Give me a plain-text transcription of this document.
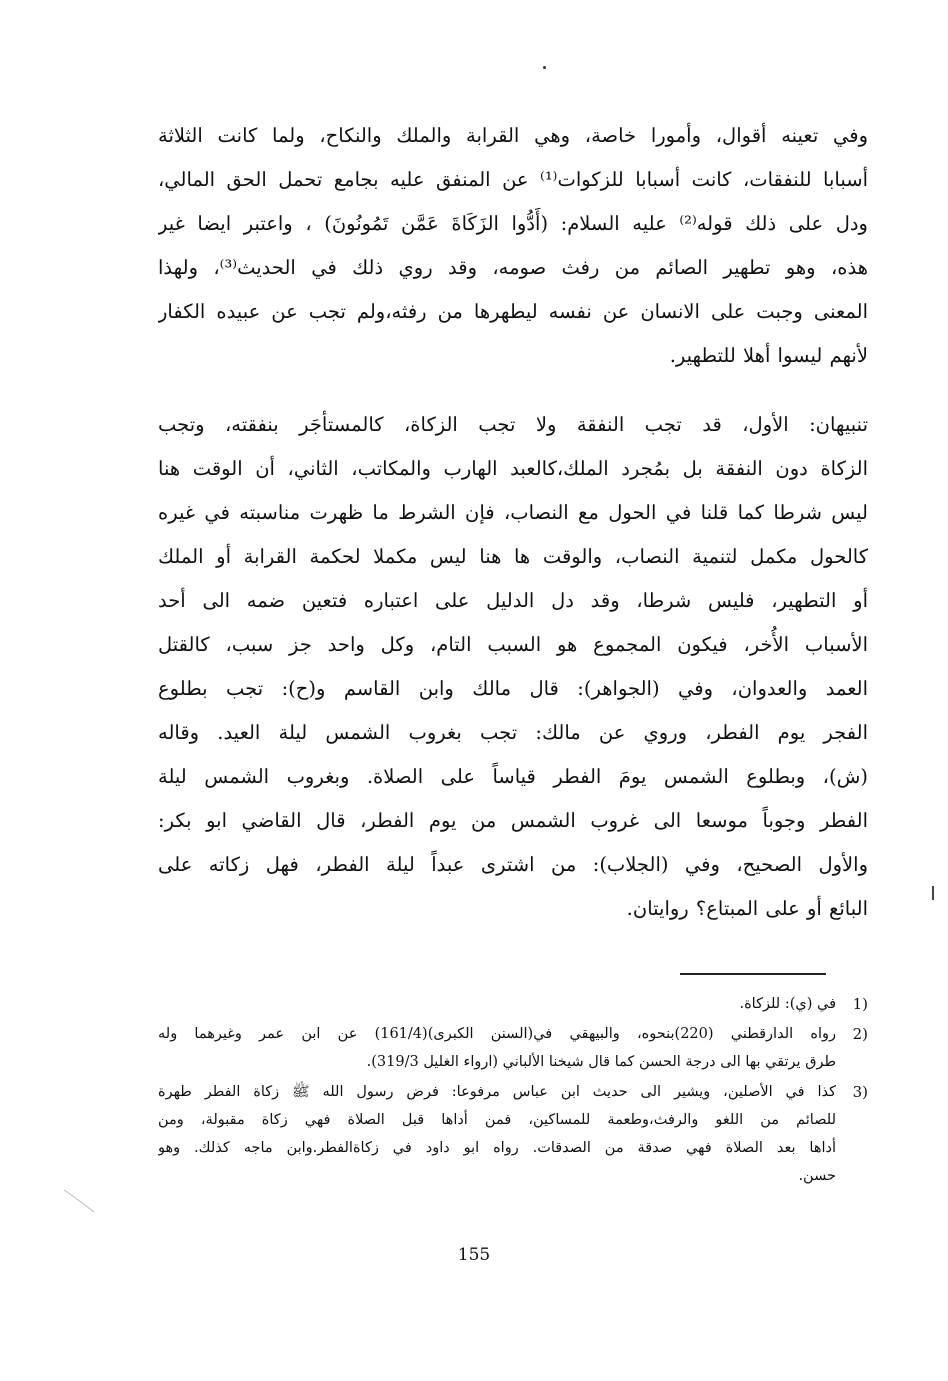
وفي تعينه أقوال، وأمورا خاصة، وهي القرابة والملك والنكاح، ولما كانت الثلاثة
أسبابا للنفقات، كانت أسبابا للزكوات⁽¹⁾ عن المنفق عليه بجامع تحمل الحق المالي،
ودل على ذلك قوله⁽²⁾ عليه السلام: (أَدُّوا الزَكَاةَ عَمَّن تَمُونُونَ) ، واعتبر ايضا غير
هذه، وهو تطهير الصائم من رفث صومه، وقد روي ذلك في الحديث⁽³⁾، ولهذا
المعنى وجبت على الانسان عن نفسه ليطهرها من رفثه،ولم تجب عن عبيده الكفار
لأنهم ليسوا أهلا للتطهير.
تنبيهان: الأول، قد تجب النفقة ولا تجب الزكاة، كالمستأجَر بنفقته، وتجب
الزكاة دون النفقة بل بمُجرد الملك،كالعبد الهارب والمكاتب، الثاني، أن الوقت هنا
ليس شرطا كما قلنا في الحول مع النصاب، فإن الشرط ما ظهرت مناسبته في غيره
كالحول مكمل لتنمية النصاب، والوقت ها هنا ليس مكملا لحكمة القرابة أو الملك
أو التطهير، فليس شرطا، وقد دل الدليل على اعتباره فتعين ضمه الى أحد
الأسباب الأُخر، فيكون المجموع هو السبب التام، وكل واحد جز سبب، كالقتل
العمد والعدوان، وفي (الجواهر): قال مالك وابن القاسم و(ح): تجب بطلوع
الفجر يوم الفطر، وروي عن مالك: تجب بغروب الشمس ليلة العيد. وقاله
(ش)، وبطلوع الشمس يومَ الفطر قياساً على الصلاة. وبغروب الشمس ليلة
الفطر وجوباً موسعا الى غروب الشمس من يوم الفطر، قال القاضي ابو بكر:
والأول الصحيح، وفي (الجلاب): من اشترى عبداً ليلة الفطر، فهل زكاته على
البائع أو على المبتاع؟ روايتان.
1)
في (ي): للزكاة.
2)
رواه الدارقطني (220)بنحوه، والبيهقي في(السنن الكبرى)(161/4) عن ابن عمر وغيرهما وله
طرق يرتقي بها الى درجة الحسن كما قال شيخنا الألباني (ارواء الغليل 319/3).
3)
كذا في الأصلين، ويشير الى حديث ابن عباس مرفوعا: فرض رسول الله ﷺ زكاة الفطر طهرة
للصائم من اللغو والرفث،وطعمة للمساكين، فمن أداها قبل الصلاة فهي زكاة مقبولة، ومن
أداها بعد الصلاة فهي صدقة من الصدقات. رواه ابو داود في زكاةالفطر.وابن ماجه كذلك. وهو
حسن.
155
